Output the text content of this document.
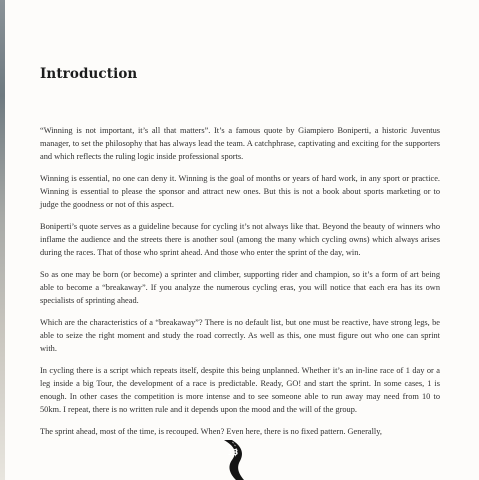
Introduction

“Winning is not important, it’s all that matters”. It’s a famous quote by Giampiero Boniperti, a historic Juventus manager, to set the philosophy that has always lead the team. A catchphrase, captivating and exciting for the supporters and which reflects the ruling logic inside professional sports.

Winning is essential, no one can deny it. Winning is the goal of months or years of hard work, in any sport or practice. Winning is essential to please the sponsor and attract new ones. But this is not a book about sports marketing or to judge the goodness or not of this aspect.

Boniperti’s quote serves as a guideline because for cycling it’s not always like that. Beyond the beauty of winners who inflame the audience and the streets there is another soul (among the many which cycling owns) which always arises during the races. That of those who sprint ahead. And those who enter the sprint of the day, win.

So as one may be born (or become) a sprinter and climber, supporting rider and champion, so it’s a form of art being able to become a “breakaway”. If you analyze the numerous cycling eras, you will notice that each era has its own specialists of sprinting ahead.

Which are the characteristics of a “breakaway”? There is no default list, but one must be reactive, have strong legs, be able to seize the right moment and study the road correctly. As well as this, one must figure out who one can sprint with.

In cycling there is a script which repeats itself, despite this being unplanned. Whether it’s an in-line race of 1 day or a leg inside a big Tour, the development of a race is predictable. Ready, GO! and start the sprint. In some cases, 1 is enough. In other cases the competition is more intense and to see someone able to run away may need from 10 to 50km. I repeat, there is no written rule and it depends upon the mood and the will of the group.

The sprint ahead, most of the time, is recouped. When? Even here, there is no fixed pattern. Generally,

13
